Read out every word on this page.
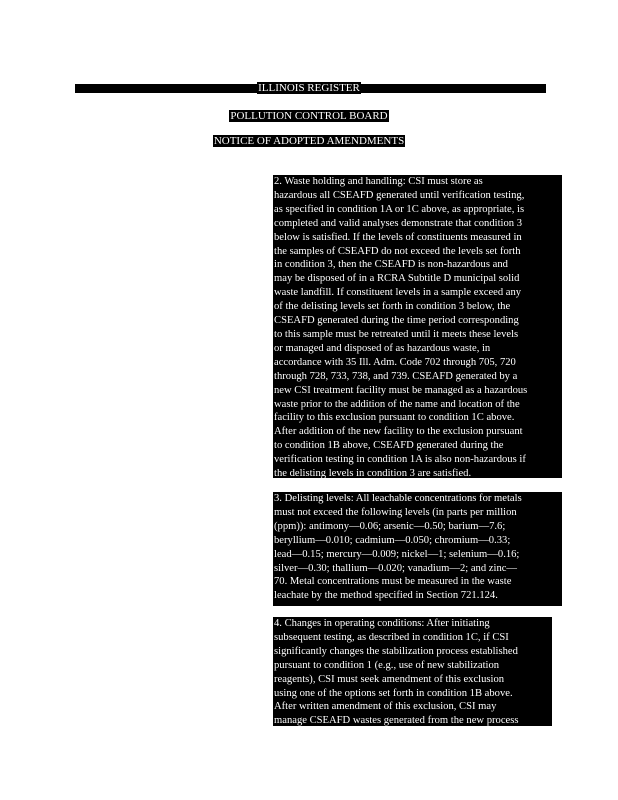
ILLINOIS REGISTER
POLLUTION CONTROL BOARD
NOTICE OF ADOPTED AMENDMENTS
2. Waste holding and handling: CSI must store as
hazardous all CSEAFD generated until verification testing,
as specified in condition 1A or 1C above, as appropriate, is
completed and valid analyses demonstrate that condition 3
below is satisfied. If the levels of constituents measured in
the samples of CSEAFD do not exceed the levels set forth
in condition 3, then the CSEAFD is non-hazardous and
may be disposed of in a RCRA Subtitle D municipal solid
waste landfill. If constituent levels in a sample exceed any
of the delisting levels set forth in condition 3 below, the
CSEAFD generated during the time period corresponding
to this sample must be retreated until it meets these levels
or managed and disposed of as hazardous waste, in
accordance with 35 Ill. Adm. Code 702 through 705, 720
through 728, 733, 738, and 739. CSEAFD generated by a
new CSI treatment facility must be managed as a hazardous
waste prior to the addition of the name and location of the
facility to this exclusion pursuant to condition 1C above.
After addition of the new facility to the exclusion pursuant
to condition 1B above, CSEAFD generated during the
verification testing in condition 1A is also non-hazardous if
the delisting levels in condition 3 are satisfied.
3. Delisting levels: All leachable concentrations for metals
must not exceed the following levels (in parts per million
(ppm)): antimony—0.06; arsenic—0.50; barium—7.6;
beryllium—0.010; cadmium—0.050; chromium—0.33;
lead—0.15; mercury—0.009; nickel—1; selenium—0.16;
silver—0.30; thallium—0.020; vanadium—2; and zinc—
70. Metal concentrations must be measured in the waste
leachate by the method specified in Section 721.124.
4. Changes in operating conditions: After initiating
subsequent testing, as described in condition 1C, if CSI
significantly changes the stabilization process established
pursuant to condition 1 (e.g., use of new stabilization
reagents), CSI must seek amendment of this exclusion
using one of the options set forth in condition 1B above.
After written amendment of this exclusion, CSI may
manage CSEAFD wastes generated from the new process
